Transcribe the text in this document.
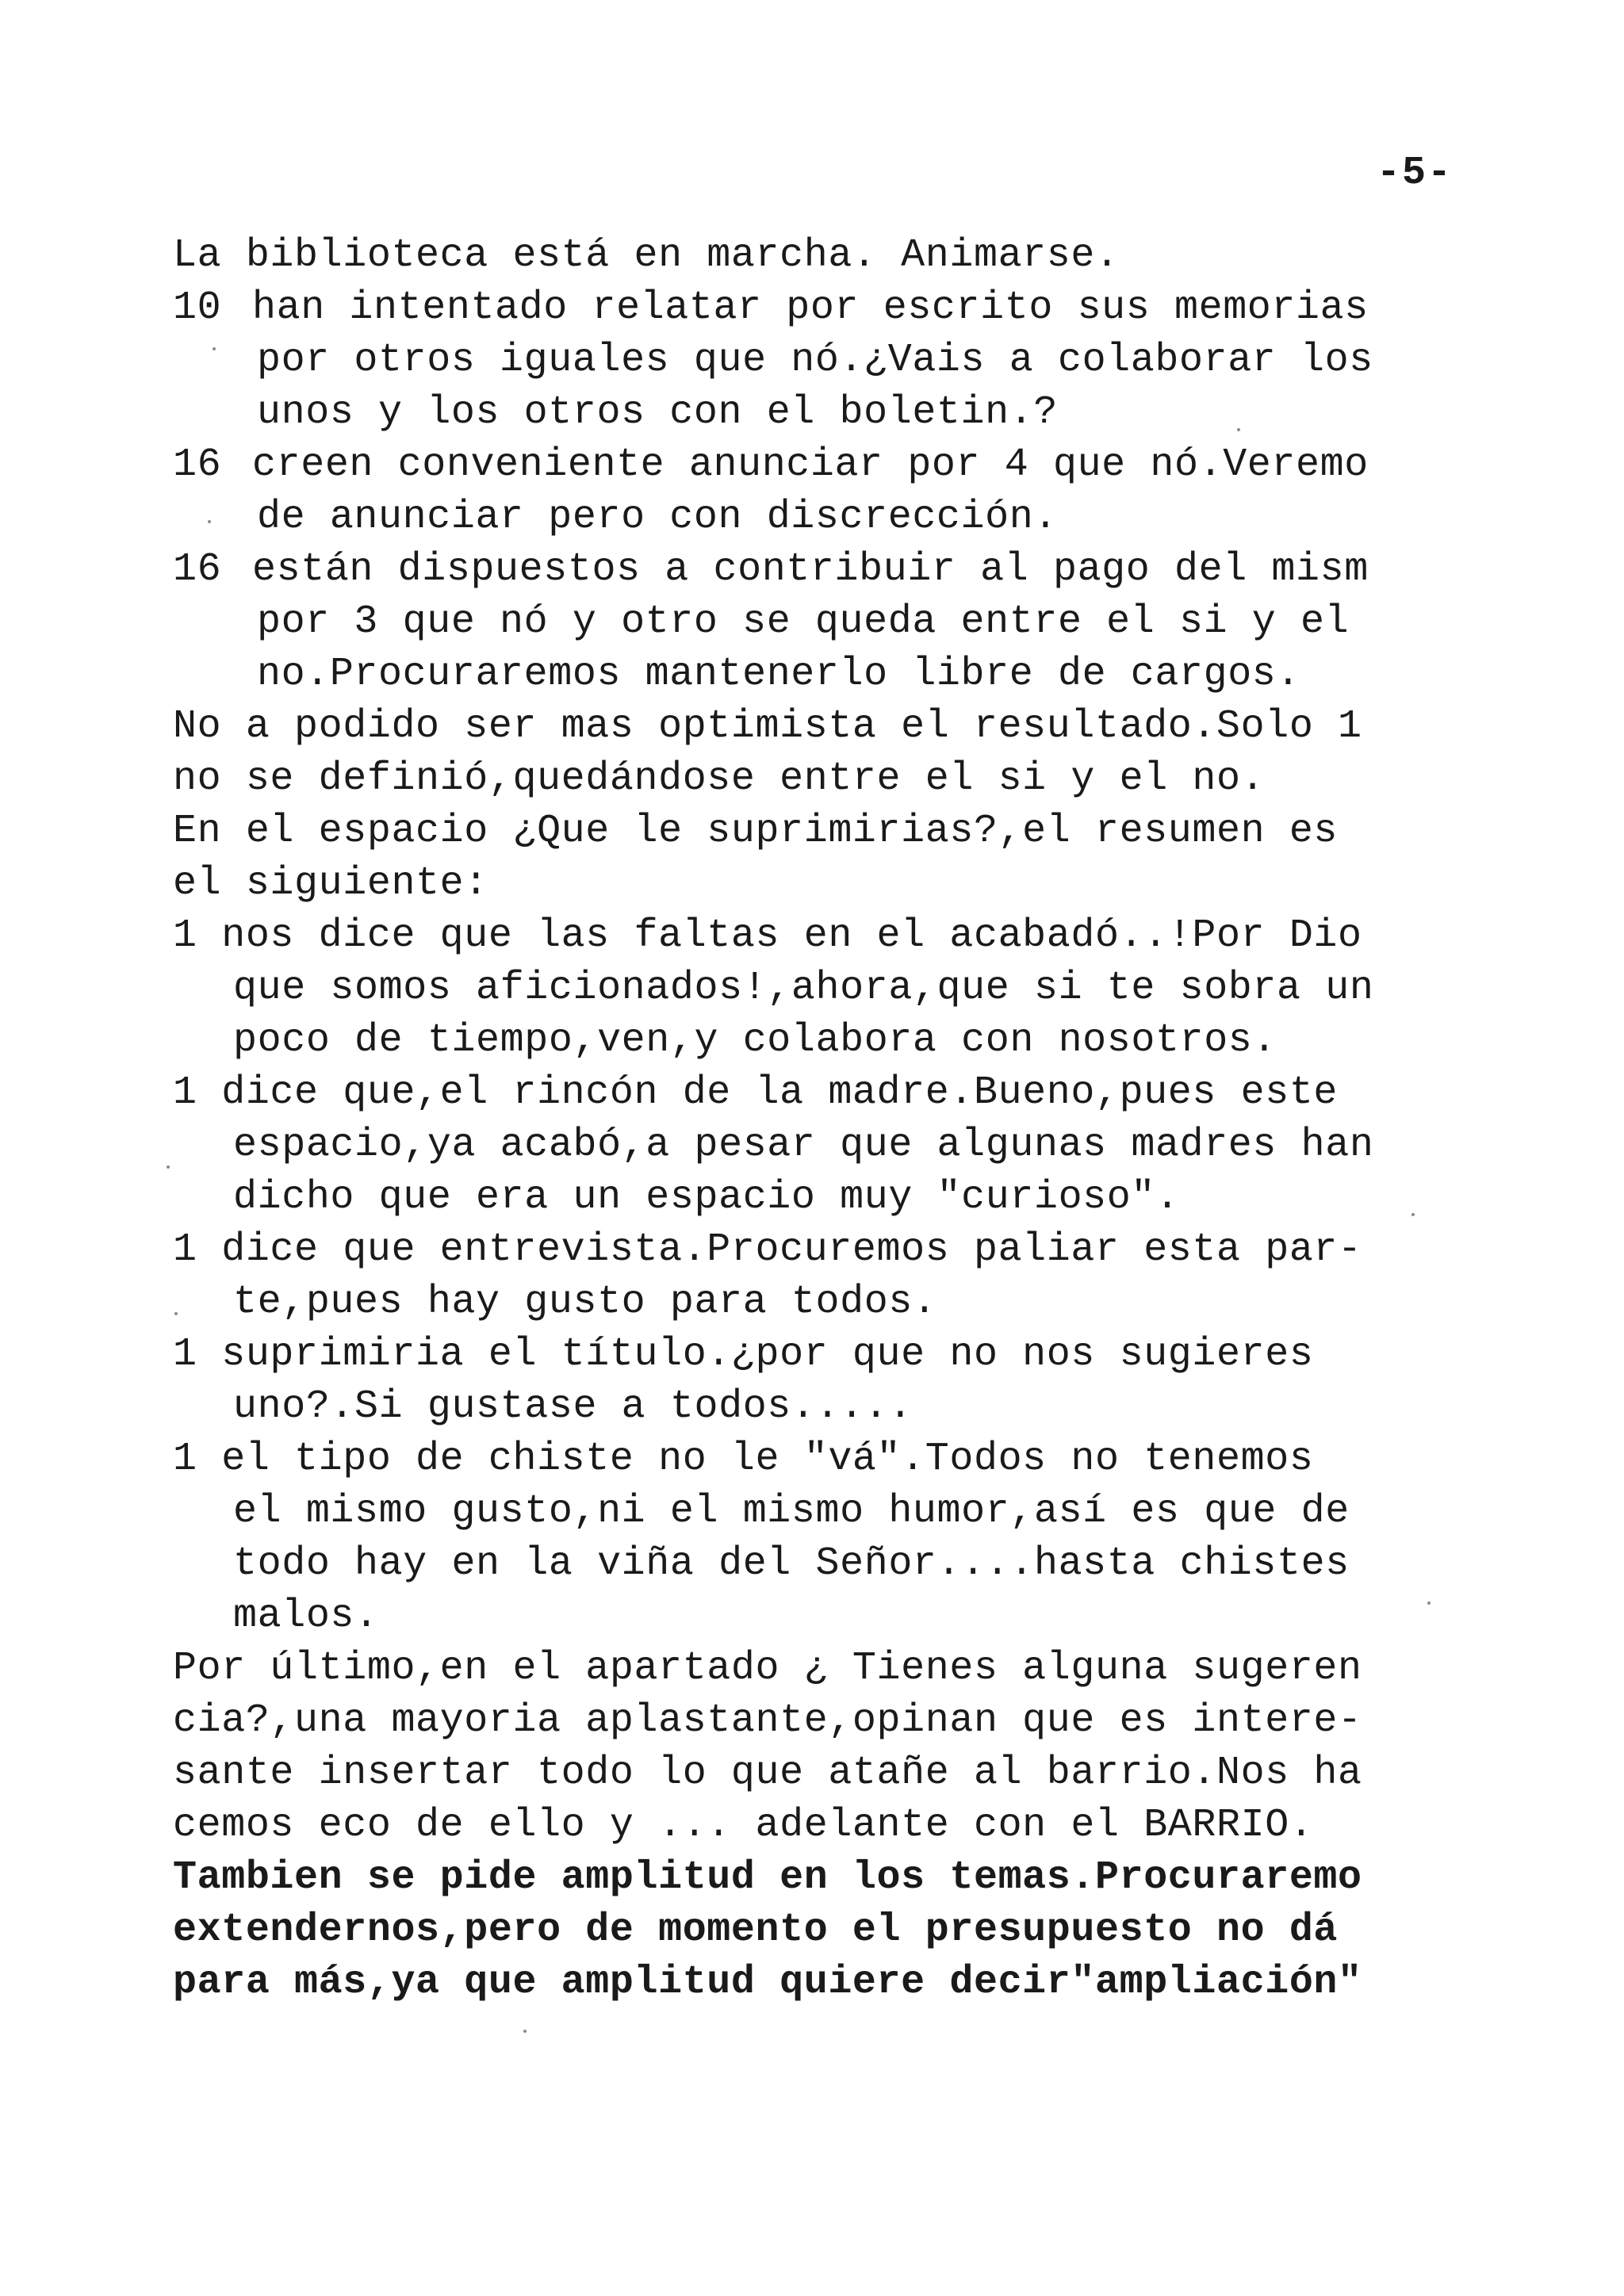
-5-
La biblioteca está en marcha. Animarse.
10 han intentado relatar por escrito sus memorias
por otros iguales que nó.¿Vais a colaborar los
unos y los otros con el boletin.?
16 creen conveniente anunciar por 4 que nó.Veremo
de anunciar pero con discrección.
16 están dispuestos a contribuir al pago del mism
por 3 que nó y otro se queda entre el si y el
no.Procuraremos mantenerlo libre de cargos.
No a podido ser mas optimista el resultado.Solo 1
no se definió,quedándose entre el si y el no.
En el espacio ¿Que le suprimirias?,el resumen es
el siguiente:
1 nos dice que las faltas en el acabadó..!Por Dio
que somos aficionados!,ahora,que si te sobra un
poco de tiempo,ven,y colabora con nosotros.
1 dice que,el rincón de la madre.Bueno,pues este
espacio,ya acabó,a pesar que algunas madres han
dicho que era un espacio muy "curioso".
1 dice que entrevista.Procuremos paliar esta par-
te,pues hay gusto para todos.
1 suprimiria el título.¿por que no nos sugieres
uno?.Si gustase a todos.....
1 el tipo de chiste no le "vá".Todos no tenemos
el mismo gusto,ni el mismo humor,así es que de
todo hay en la viña del Señor....hasta chistes
malos.
Por último,en el apartado ¿ Tienes alguna sugeren
cia?,una mayoria aplastante,opinan que es intere-
sante insertar todo lo que atañe al barrio.Nos ha
cemos eco de ello y ... adelante con el BARRIO.
Tambien se pide amplitud en los temas.Procuraremo
extendernos,pero de momento el presupuesto no dá
para más,ya que amplitud quiere decir"ampliación"
